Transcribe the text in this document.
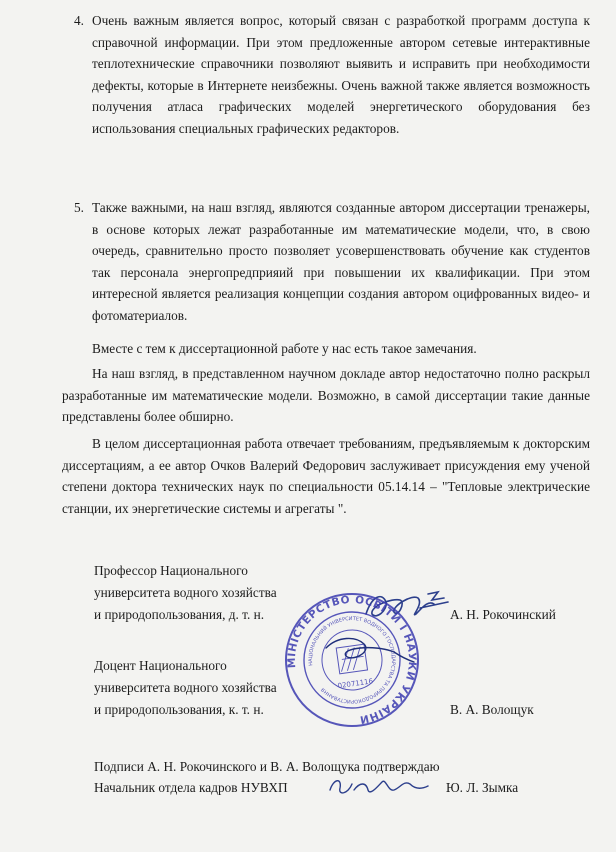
4. Очень важным является вопрос, который связан с разработкой программ доступа к справочной информации. При этом предложенные автором сетевые интерактивные теплотехнические справочники позволяют выявить и исправить при необходимости дефекты, которые в Интернете неизбежны. Очень важной также является возможность получения атласа графических моделей энергетического оборудования без использования специальных графических редакторов.

5. Также важными, на наш взгляд, являются созданные автором диссертации тренажеры, в основе которых лежат разработанные им математические модели, что, в свою очередь, сравнительно просто позволяет усовершенствовать обучение как студентов так персонала энергопредприяий при повышении их квалификации. При этом интересной является реализация концепции создания автором оцифрованных видео- и фотоматериалов.

Вместе с тем к диссертационной работе у нас есть такое замечания.

На наш взгляд, в представленном научном докладе автор недостаточно полно раскрыл разработанные им математические модели. Возможно, в самой диссертации такие данные представлены более обширно.

В целом диссертационная работа отвечает требованиям, предъявляемым к докторским диссертациям, а ее автор Очков Валерий Федорович заслуживает присуждения ему ученой степени доктора технических наук по специальности 05.14.14 – "Тепловые электрические станции, их энергетические системы и агрегаты ".

Профессор Национального
университета водного хозяйства
и природопользования, д. т. н.	А. Н. Рокочинский

Доцент Национального
университета водного хозяйства
и природопользования, к. т. н.	В. А. Волощук
МІНІСТЕРСТВО ОСВІТИ І НАУКИ УКРАЇНИ
НАЦІОНАЛЬНИЙ УНІВЕРСИТЕТ ВОДНОГО ГОСПОДАРСТВА ТА ПРИРОДОКОРИСТУВАННЯ	02071116
Подписи А. Н. Рокочинского и В. А. Волощука подтверждаю
Начальник отдела кадров НУВХП	Ю. Л. Зымка
